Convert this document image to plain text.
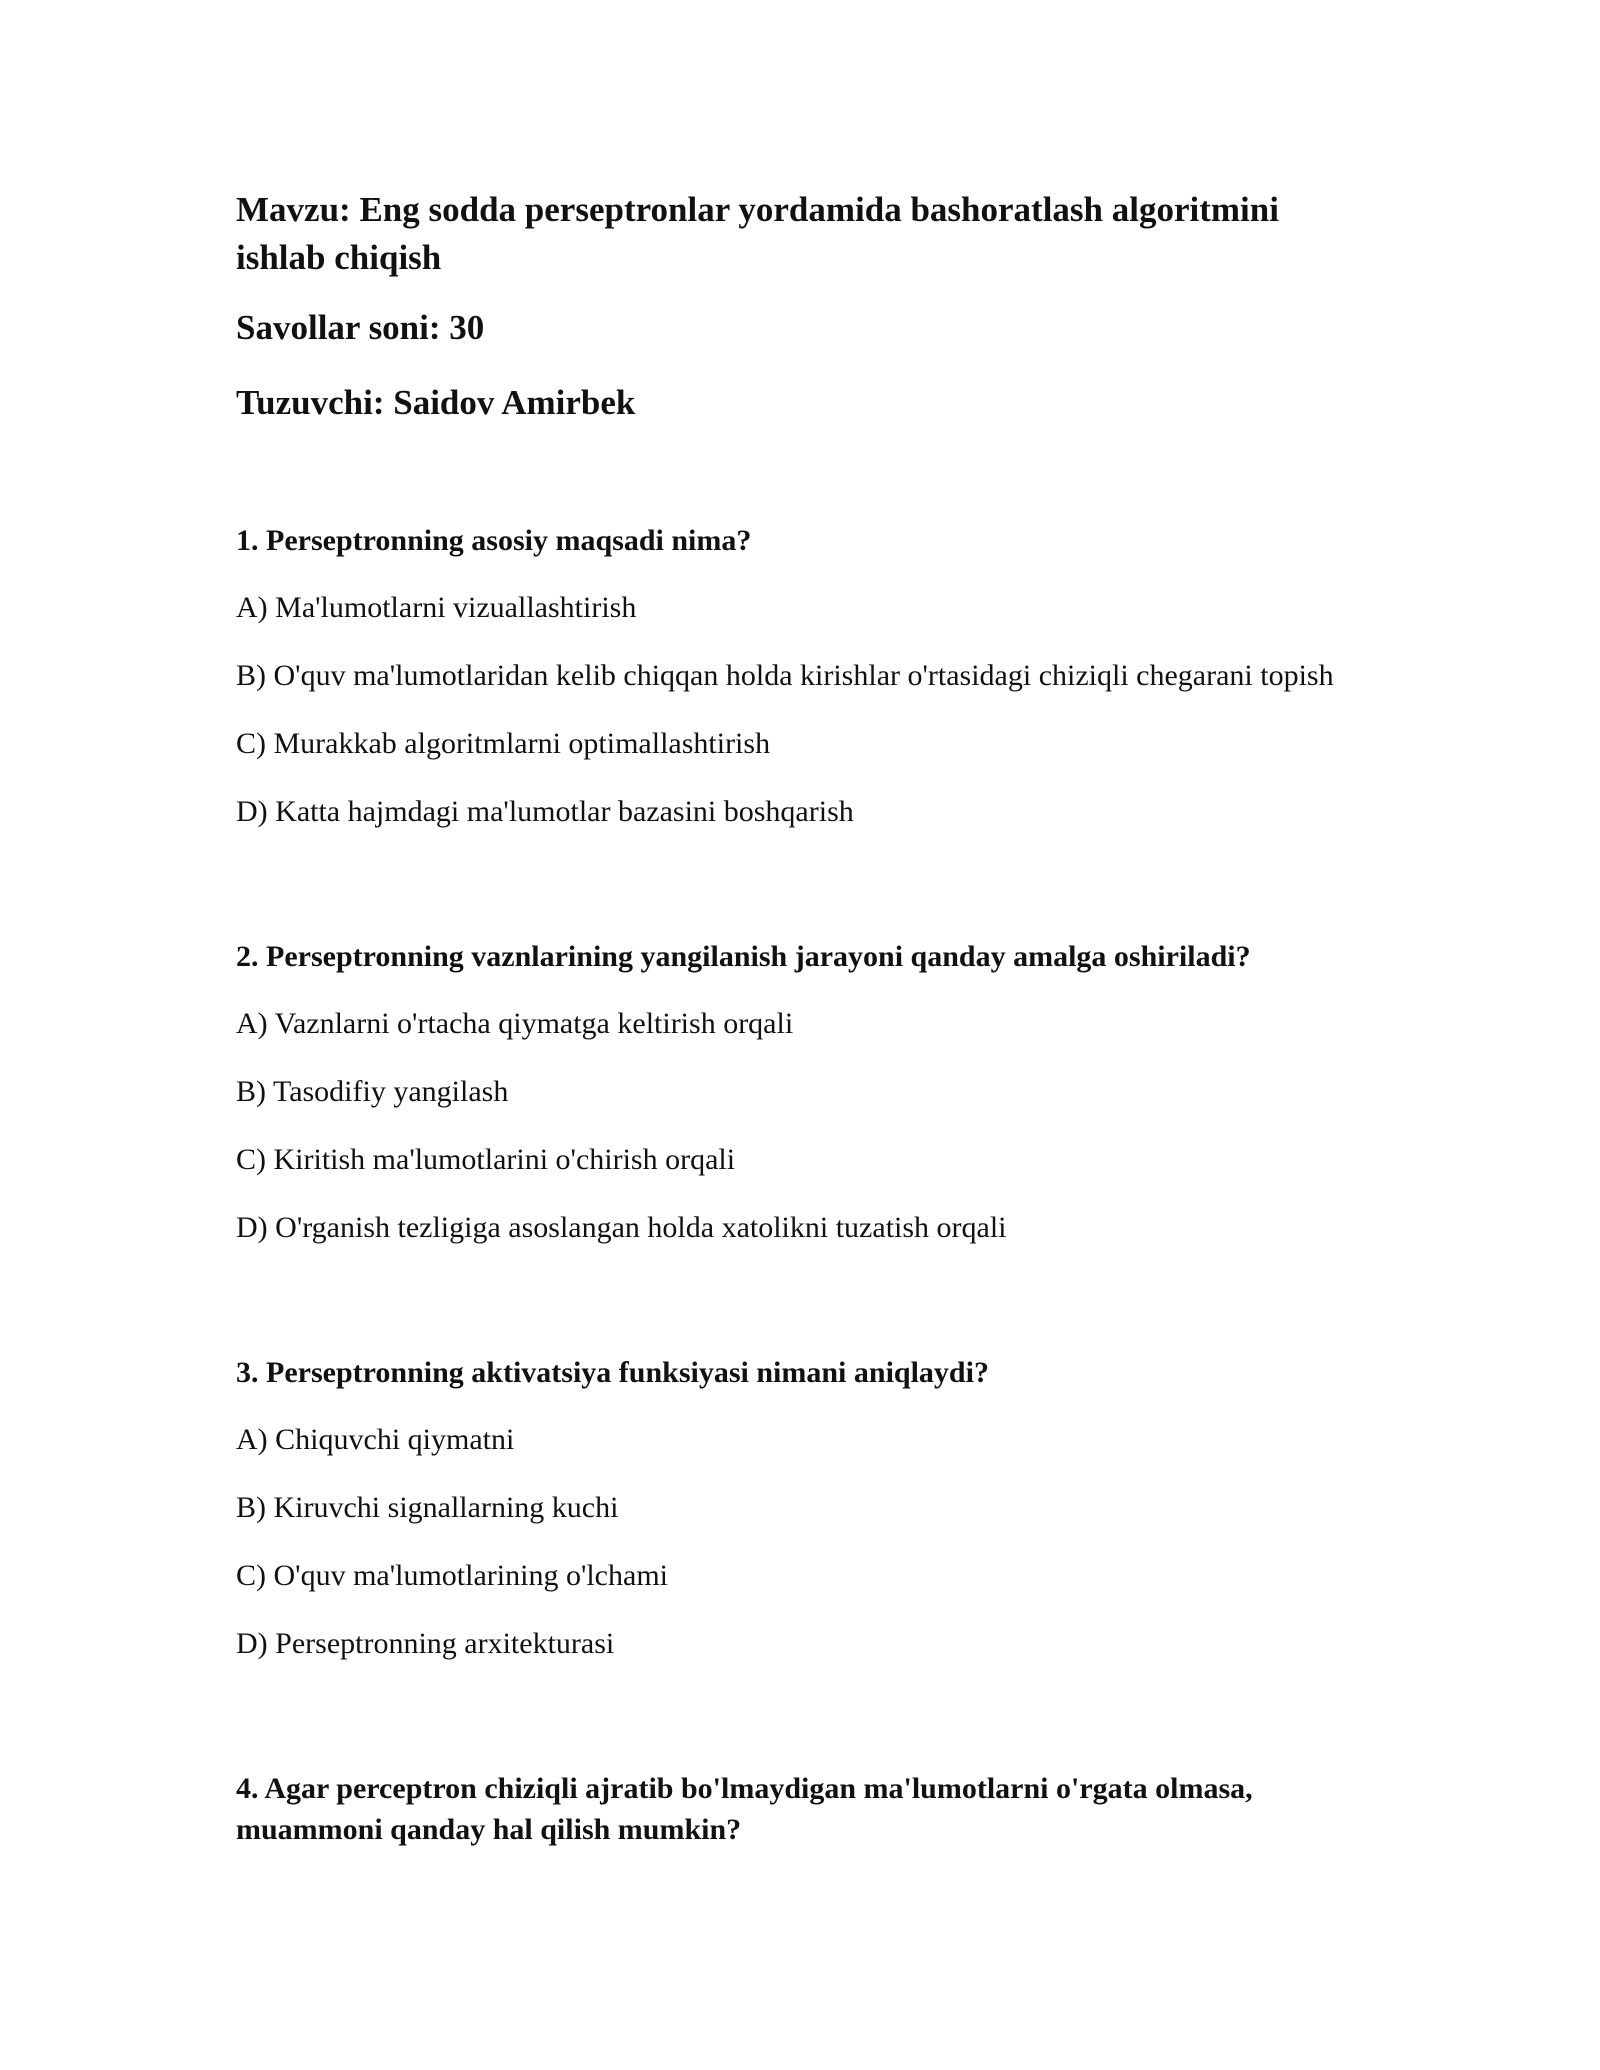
Mavzu: Eng sodda perseptronlar yordamida bashoratlash algoritmini ishlab chiqish

Savollar soni: 30

Tuzuvchi: Saidov Amirbek

1. Perseptronning asosiy maqsadi nima?

A) Ma'lumotlarni vizuallashtirish

B) O'quv ma'lumotlaridan kelib chiqqan holda kirishlar o'rtasidagi chiziqli chegarani topish

C) Murakkab algoritmlarni optimallashtirish

D) Katta hajmdagi ma'lumotlar bazasini boshqarish

2. Perseptronning vaznlarining yangilanish jarayoni qanday amalga oshiriladi?

A) Vaznlarni o'rtacha qiymatga keltirish orqali

B) Tasodifiy yangilash

C) Kiritish ma'lumotlarini o'chirish orqali

D) O'rganish tezligiga asoslangan holda xatolikni tuzatish orqali

3. Perseptronning aktivatsiya funksiyasi nimani aniqlaydi?

A) Chiquvchi qiymatni

B) Kiruvchi signallarning kuchi

C) O'quv ma'lumotlarining o'lchami

D) Perseptronning arxitekturasi

4. Agar perceptron chiziqli ajratib bo'lmaydigan ma'lumotlarni o'rgata olmasa, muammoni qanday hal qilish mumkin?
